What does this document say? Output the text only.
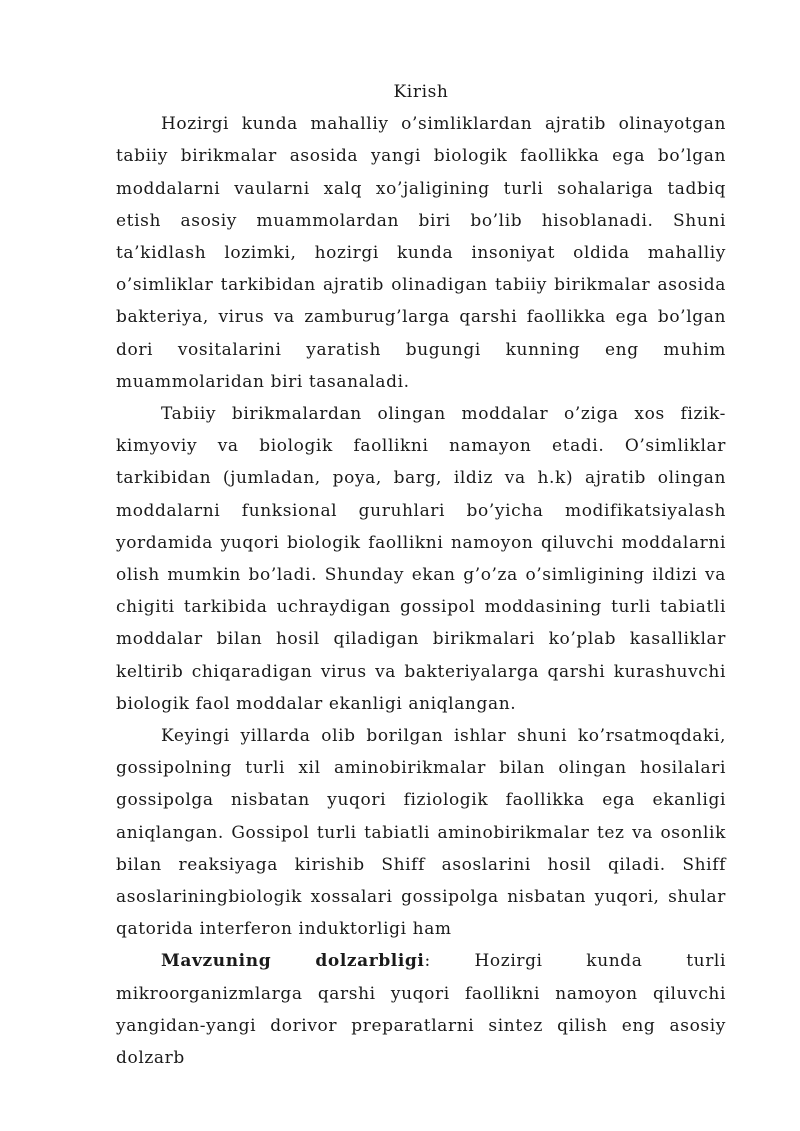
Kirish

Hozirgi kunda mahalliy o’simliklardan ajratib olinayotgan tabiiy birikmalar asosida yangi biologik faollikka ega bo’lgan moddalarni vaularni xalq xo’jaligining turli sohalariga tadbiq etish asosiy muammolardan biri bo’lib hisoblanadi. Shuni ta’kidlash lozimki, hozirgi kunda insoniyat oldida mahalliy o’simliklar tarkibidan ajratib olinadigan tabiiy birikmalar asosida bakteriya, virus va zamburug’larga qarshi faollikka ega bo’lgan dori vositalarini yaratish bugungi kunning eng muhim muammolaridan biri tasanaladi.

Tabiiy birikmalardan olingan moddalar o’ziga xos fizik-kimyoviy va biologik faollikni namayon etadi. O’simliklar tarkibidan (jumladan, poya, barg, ildiz va h.k) ajratib olingan moddalarni funksional guruhlari bo’yicha modifikatsiyalash yordamida yuqori biologik faollikni namoyon qiluvchi moddalarni olish mumkin bo’ladi. Shunday ekan g’o’za o’simligining ildizi va chigiti tarkibida uchraydigan gossipol moddasining turli tabiatli moddalar bilan hosil qiladigan birikmalari ko’plab kasalliklar keltirib chiqaradigan virus va bakteriyalarga qarshi kurashuvchi biologik faol moddalar ekanligi aniqlangan.

Keyingi yillarda olib borilgan ishlar shuni ko’rsatmoqdaki, gossipolning turli xil aminobirikmalar bilan olingan hosilalari gossipolga nisbatan yuqori fiziologik faollikka ega ekanligi aniqlangan. Gossipol turli tabiatli aminobirikmalar tez va osonlik bilan reaksiyaga kirishib Shiff asoslarini hosil qiladi. Shiff asoslariningbiologik xossalari gossipolga nisbatan yuqori, shular qatorida interferon induktorligi ham

Mavzuning dolzarbligi: Hozirgi kunda turli mikroorganizmlarga qarshi yuqori faollikni namoyon qiluvchi yangidan-yangi dorivor preparatlarni sintez qilish eng asosiy dolzarb
